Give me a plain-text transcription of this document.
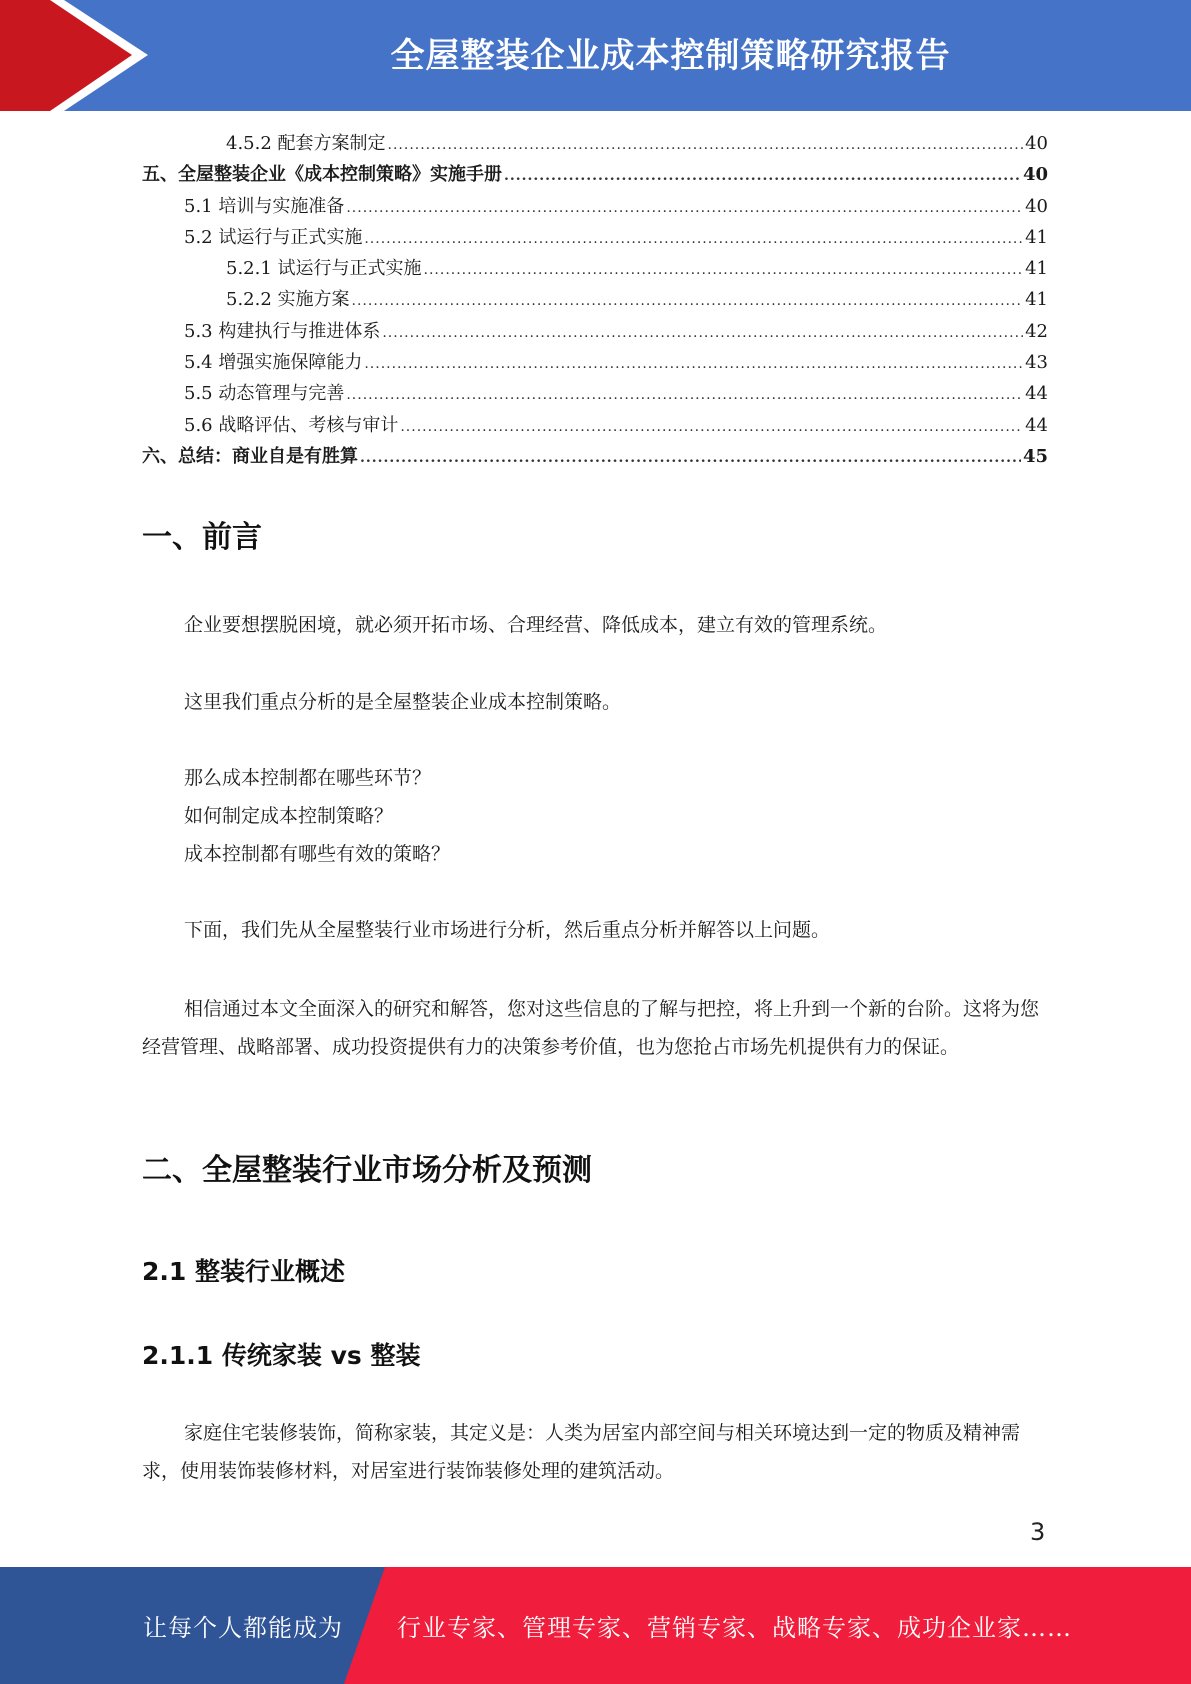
全屋整装企业成本控制策略研究报告
4.5.2 配套方案制定 .....	40
五、全屋整装企业《成本控制策略》实施手册 .....	40
5.1 培训与实施准备 .....	40
5.2 试运行与正式实施 .....	41
5.2.1 试运行与正式实施 .....	41
5.2.2 实施方案 .....	41
5.3 构建执行与推进体系 .....	42
5.4 增强实施保障能力 .....	43
5.5 动态管理与完善 .....	44
5.6 战略评估、考核与审计 .....	44
六、总结：商业自是有胜算 .....	45
一、前言

企业要想摆脱困境，就必须开拓市场、合理经营、降低成本，建立有效的管理系统。

这里我们重点分析的是全屋整装企业成本控制策略。

那么成本控制都在哪些环节？
如何制定成本控制策略？
成本控制都有哪些有效的策略？

下面，我们先从全屋整装行业市场进行分析，然后重点分析并解答以上问题。

相信通过本文全面深入的研究和解答，您对这些信息的了解与把控，将上升到一个新的台阶。这将为您经营管理、战略部署、成功投资提供有力的决策参考价值，也为您抢占市场先机提供有力的保证。

二、全屋整装行业市场分析及预测
2.1 整装行业概述
2.1.1 传统家装 vs 整装

家庭住宅装修装饰，简称家装，其定义是：人类为居室内部空间与相关环境达到一定的物质及精神需求，使用装饰装修材料，对居室进行装饰装修处理的建筑活动。

3
让每个人都能成为 行业专家、管理专家、营销专家、战略专家、成功企业家……
